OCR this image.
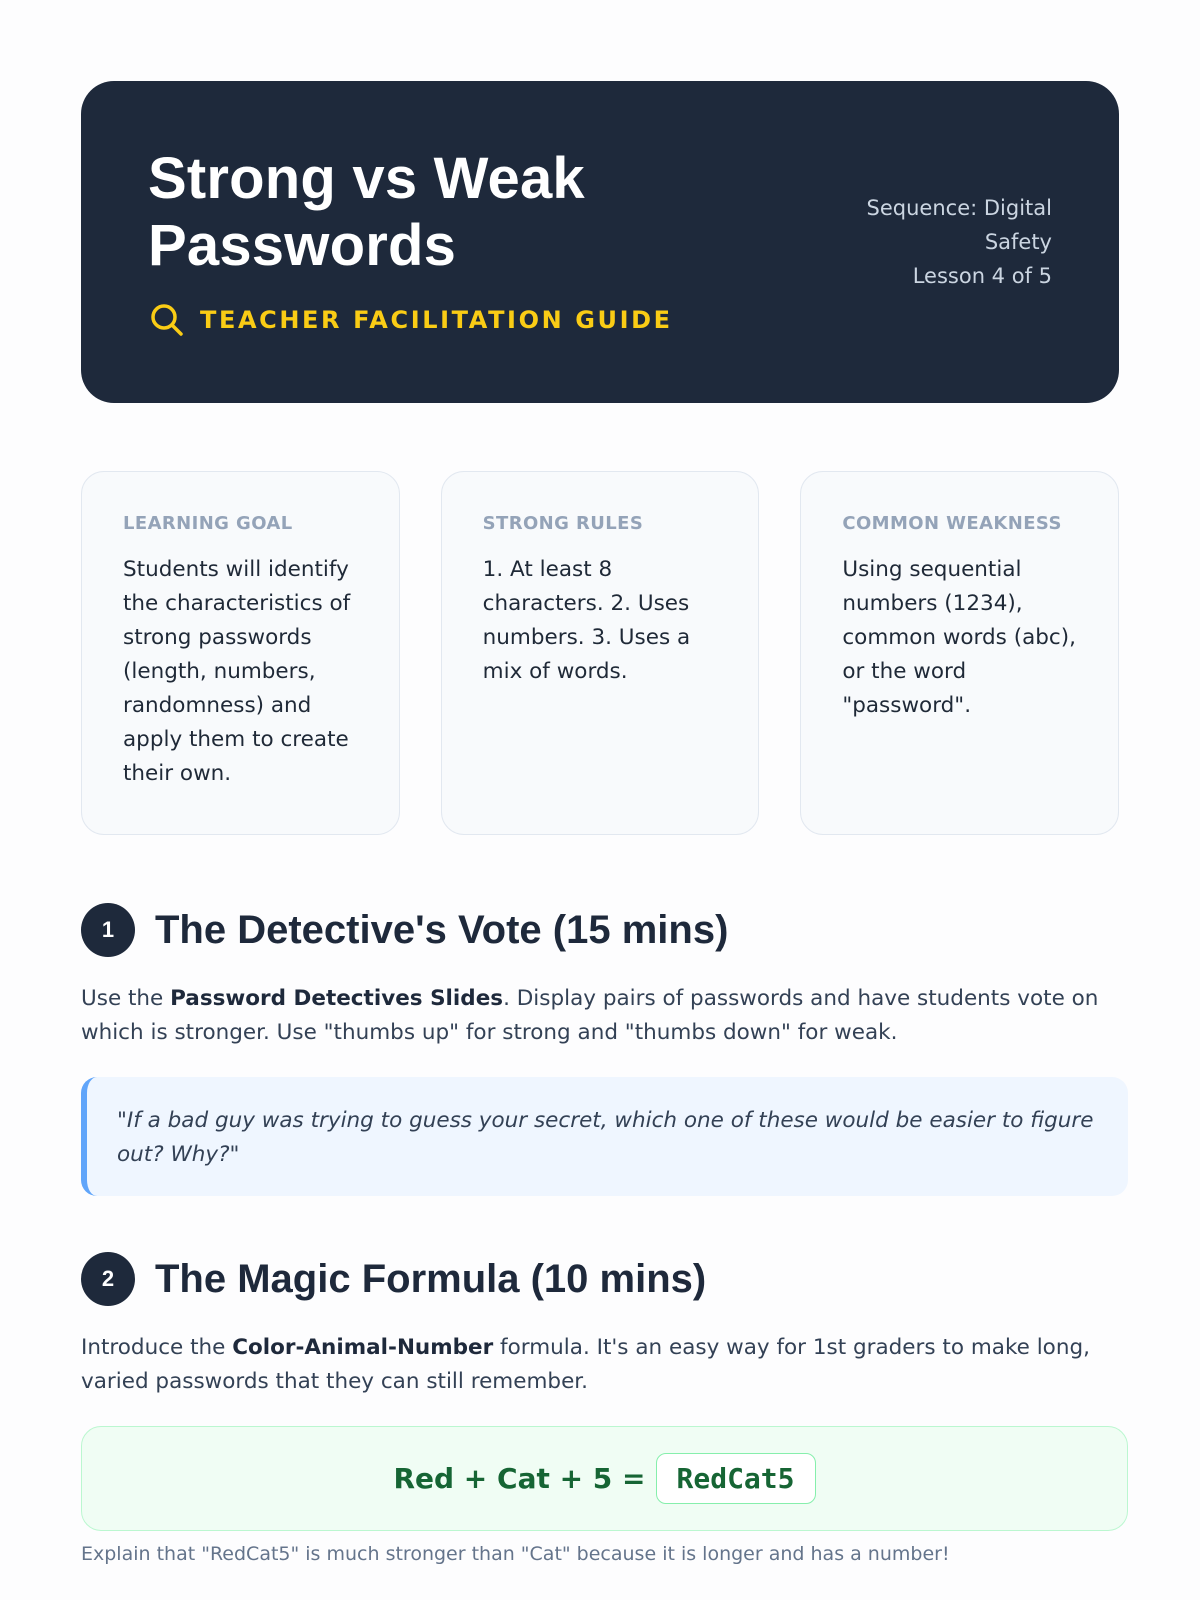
Strong vs Weak
Passwords
TEACHER FACILITATION GUIDE
Sequence: Digital
Safety
Lesson 4 of 5
LEARNING GOAL
Students will identify the characteristics of strong passwords (length, numbers, randomness) and apply them to create their own.
STRONG RULES
1. At least 8 characters. 2. Uses numbers. 3. Uses a mix of words.
COMMON WEAKNESS
Using sequential numbers (1234), common words (abc), or the word "password".
1	The Detective's Vote (15 mins)

Use the Password Detectives Slides. Display pairs of passwords and have students vote on which is stronger. Use "thumbs up" for strong and "thumbs down" for weak.

"If a bad guy was trying to guess your secret, which one of these would be easier to figure out? Why?"
2	The Magic Formula (10 mins)

Introduce the Color-Animal-Number formula. It's an easy way for 1st graders to make long, varied passwords that they can still remember.

Red + Cat + 5 =	RedCat5

Explain that "RedCat5" is much stronger than "Cat" because it is longer and has a number!
